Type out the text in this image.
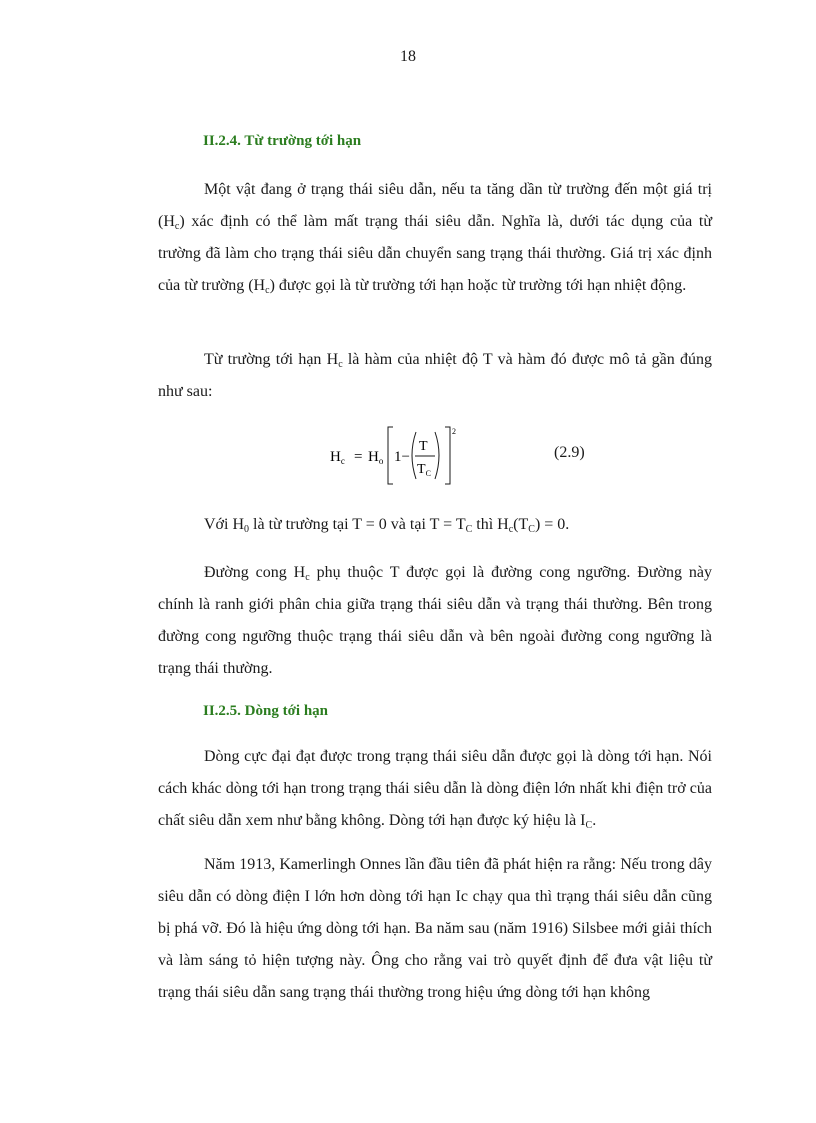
18
II.2.4. Từ trường tới hạn

Một vật đang ở trạng thái siêu dẫn, nếu ta tăng dần từ trường đến một giá trị $(H_c)$ xác định có thể làm mất trạng thái siêu dẫn. Nghĩa là, dưới tác dụng của từ trường đã làm cho trạng thái siêu dẫn chuyển sang trạng thái thường. Giá trị xác định của từ trường $(H_c)$ được gọi là từ trường tới hạn hoặc từ trường tới hạn nhiệt động.

Từ trường tới hạn $H_c$ là hàm của nhiệt độ T và hàm đó được mô tả gần đúng như sau:

$H_c = H_o$ 1−
T
$T_C$
2
(2.9)

Với $H_0$ là từ trường tại T = 0 và tại $T = T_C$ thì $H_c(T_C) = 0$.

Đường cong $H_c$ phụ thuộc T được gọi là đường cong ngưỡng. Đường này chính là ranh giới phân chia giữa trạng thái siêu dẫn và trạng thái thường. Bên trong đường cong ngưỡng thuộc trạng thái siêu dẫn và bên ngoài đường cong ngưỡng là trạng thái thường.

II.2.5. Dòng tới hạn

Dòng cực đại đạt được trong trạng thái siêu dẫn được gọi là dòng tới hạn. Nói cách khác dòng tới hạn trong trạng thái siêu dẫn là dòng điện lớn nhất khi điện trở của chất siêu dẫn xem như bằng không. Dòng tới hạn được ký hiệu là $I_C$.

Năm 1913, Kamerlingh Onnes lần đầu tiên đã phát hiện ra rằng: Nếu trong dây siêu dẫn có dòng điện I lớn hơn dòng tới hạn Ic chạy qua thì trạng thái siêu dẫn cũng bị phá vỡ. Đó là hiệu ứng dòng tới hạn. Ba năm sau (năm 1916) Silsbee mới giải thích và làm sáng tỏ hiện tượng này. Ông cho rằng vai trò quyết định để đưa vật liệu từ trạng thái siêu dẫn sang trạng thái thường trong hiệu ứng dòng tới hạn không
